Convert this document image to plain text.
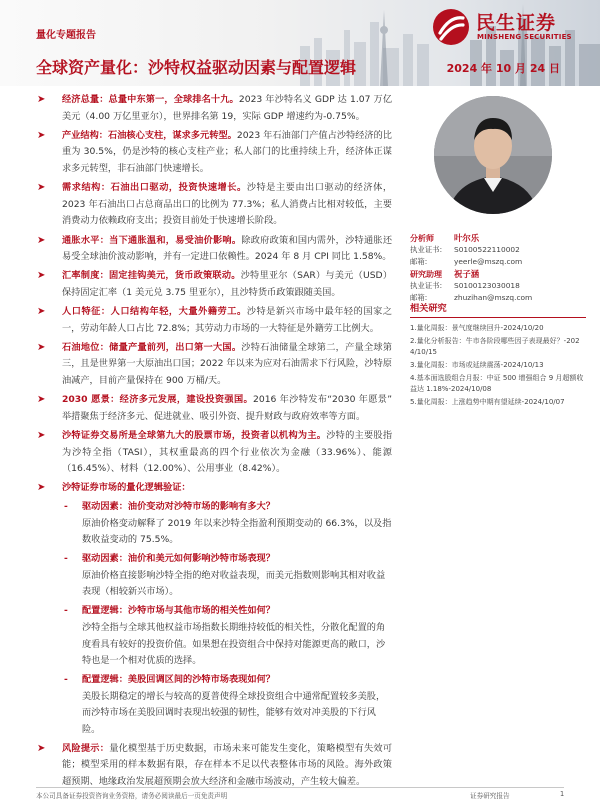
民生证券
MINSHENG SECURITIES
量化专题报告
全球资产量化：沙特权益驱动因素与配置逻辑	2024 年 10 月 24 日
➤ 经济总量：总量中东第一，全球排名十九。2023 年沙特名义 GDP 达 1.07 万亿美元（4.00 万亿里亚尔），世界排名第 19，实际 GDP 增速约为-0.75%。
➤ 产业结构：石油核心支柱，谋求多元转型。2023 年石油部门产值占沙特经济的比重为 30.5%，仍是沙特的核心支柱产业；私人部门的比重持续上升，经济体正谋求多元转型，非石油部门快速增长。
➤ 需求结构：石油出口驱动，投资快速增长。沙特是主要由出口驱动的经济体，2023 年石油出口占总商品出口的比例为 77.3%；私人消费占比相对较低，主要消费动力依赖政府支出；投资目前处于快速增长阶段。
➤ 通胀水平：当下通胀温和，易受油价影响。除政府政策和国内需外，沙特通胀还易受全球油价波动影响，并有一定进口依赖性。2024 年 8 月 CPI 同比 1.58%。
➤ 汇率制度：固定挂钩美元，货币政策联动。沙特里亚尔（SAR）与美元（USD）保持固定汇率（1 美元兑 3.75 里亚尔），且沙特货币政策跟随美国。
➤ 人口特征：人口结构年轻，大量外籍劳工。沙特是新兴市场中最年轻的国家之一，劳动年龄人口占比 72.8%；其劳动力市场的一大特征是外籍劳工比例大。
➤ 石油地位：储量产量前列，出口第一大国。沙特石油储量全球第二，产量全球第三，且是世界第一大原油出口国；2022 年以来为应对石油需求下行风险，沙特原油减产，目前产量保持在 900 万桶/天。
➤ 2030 愿景：经济多元发展，建设投资强国。2016 年沙特发布“2030 年愿景” 举措聚焦于经济多元、促进就业、吸引外资、提升财政与政府效率等方面。
➤ 沙特证券交易所是全球第九大的股票市场，投资者以机构为主。沙特的主要股指为沙特全指（TASI），其权重最高的四个行业依次为金融（33.96%）、能源（16.45%）、材料（12.00%）、公用事业（8.42%）。
➤ 沙特证券市场的量化逻辑验证：
- 驱动因素：油价变动对沙特市场的影响有多大？
原油价格变动解释了 2019 年以来沙特全指盈利预期变动的 66.3%，以及指数收益变动的 75.5%。
- 驱动因素：油价和美元如何影响沙特市场表现？
原油价格直接影响沙特全指的绝对收益表现，而美元指数则影响其相对收益表现（相较新兴市场）。
- 配置逻辑：沙特市场与其他市场的相关性如何？
沙特全指与全球其他权益市场指数长期维持较低的相关性，分散化配置的角度看具有较好的投资价值。如果想在投资组合中保持对能源更高的敞口，沙特也是一个相对优质的选择。
- 配置逻辑：美股回调区间的沙特市场表现如何？
美股长期稳定的增长与较高的夏普使得全球投资组合中通常配置较多美股，而沙特市场在美股回调时表现出较强的韧性，能够有效对冲美股的下行风险。
➤ 风险提示：量化模型基于历史数据，市场未来可能发生变化，策略模型有失效可能；模型采用的样本数据有限，存在样本不足以代表整体市场的风险。海外政策超预期、地缘政治发展超预期会放大经济和金融市场波动，产生较大偏差。
分析师	叶尔乐
执业证书:	S0100522110002
邮箱:	yeerle@mszq.com
研究助理	祝子涵
执业证书:	S0100123030018
邮箱:	zhuzihan@mszq.com
相关研究
1.量化周报：景气度继续回升-2024/10/20
2.量化分析报告：牛市各阶段哪些因子表现最好？-2024/10/15
3.量化周报：市场或延续震荡-2024/10/13
4.基本面选股组合月报：中证 500 增强组合 9 月超额收益达 1.18%-2024/10/08
5.量化周报：上涨趋势中期有望延续-2024/10/07
本公司具备证券投资咨询业务资格，请务必阅读最后一页免责声明	证券研究报告	1
